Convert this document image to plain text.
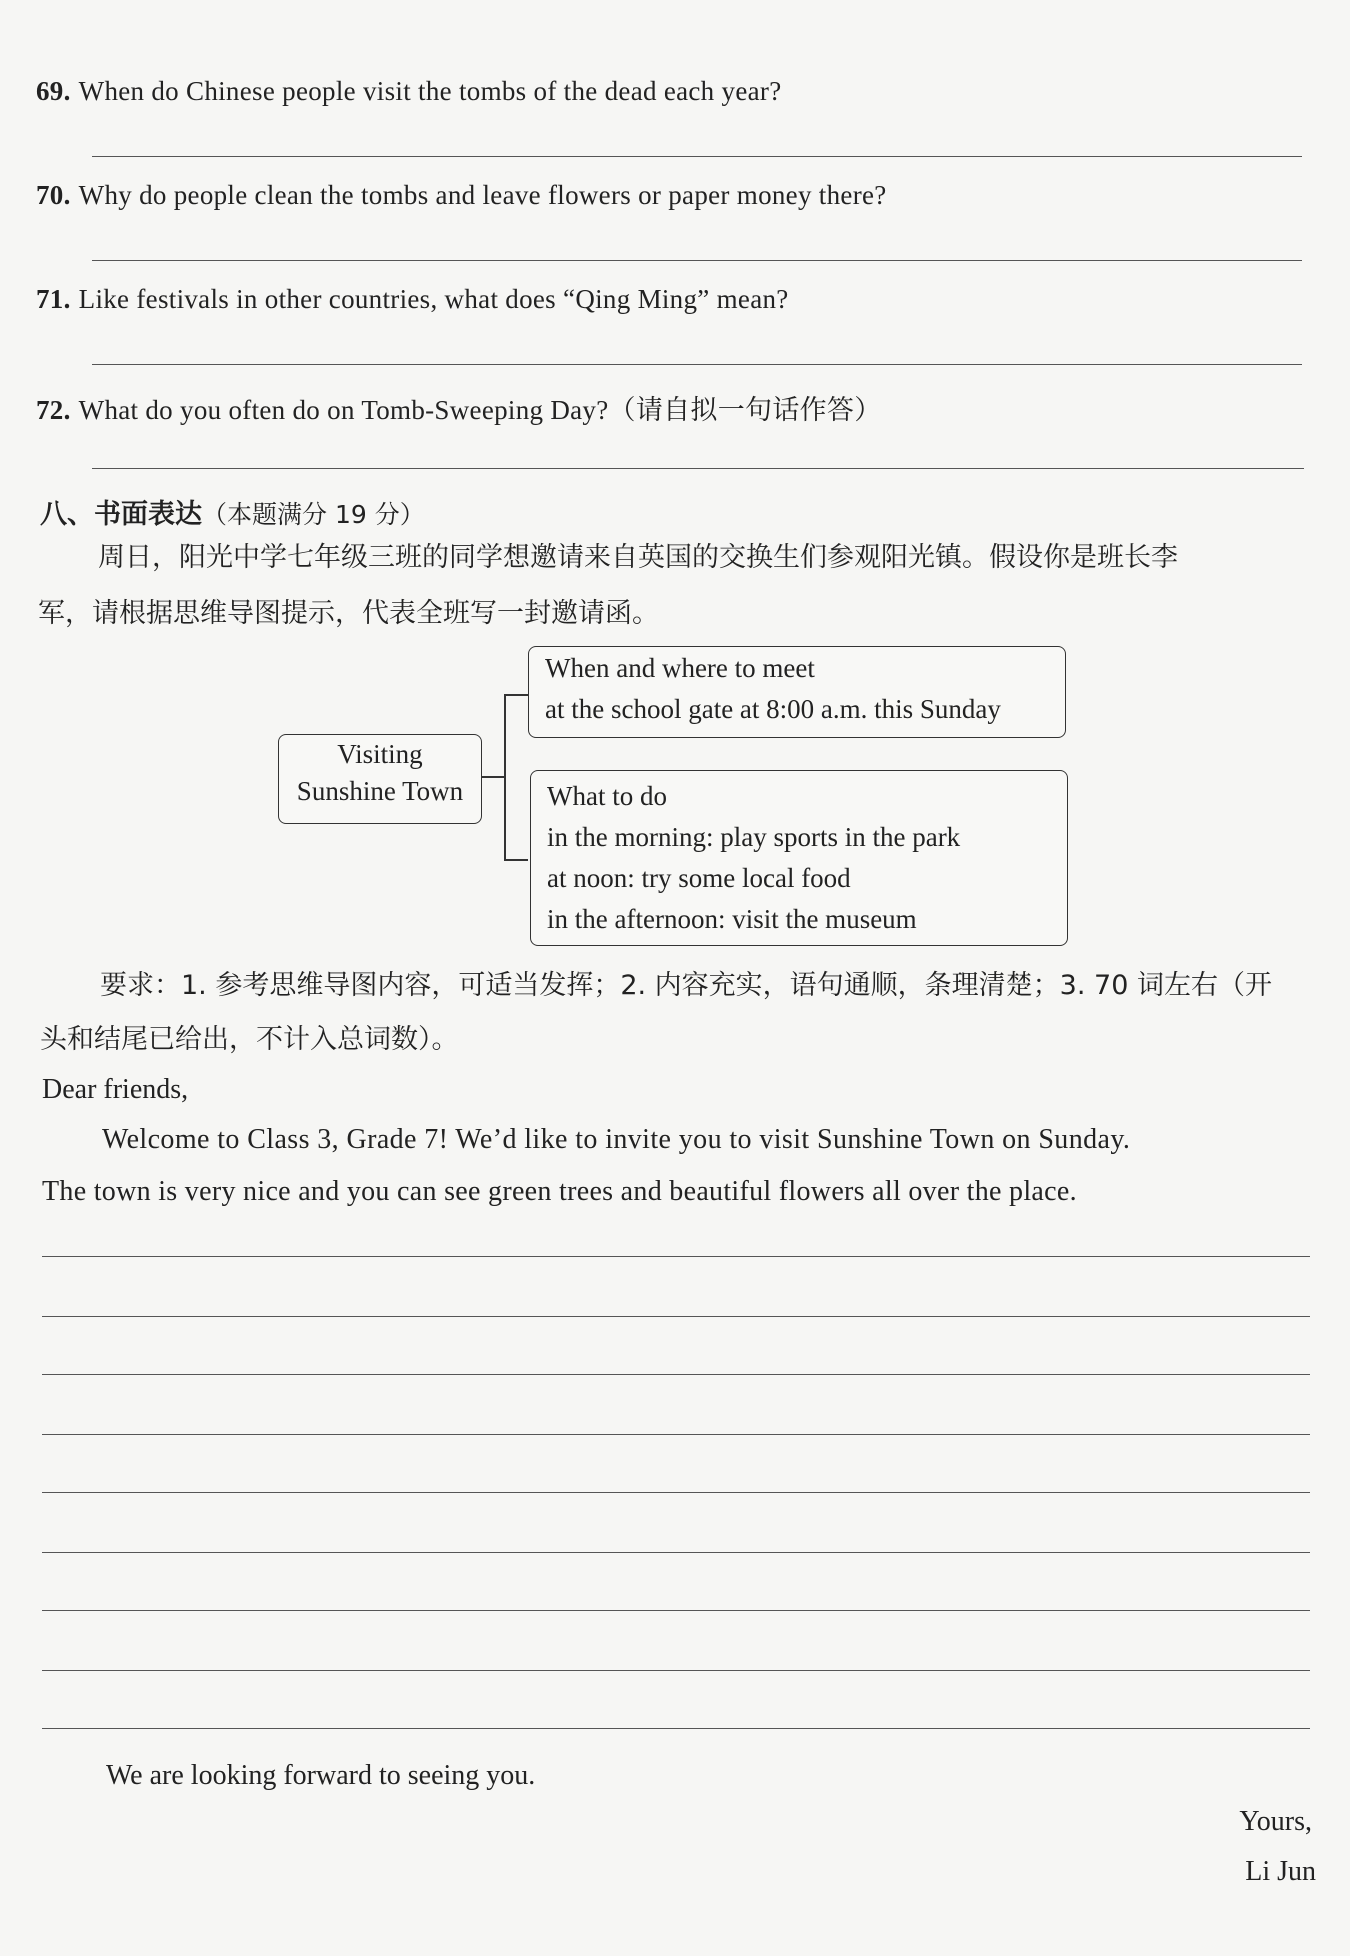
69. When do Chinese people visit the tombs of the dead each year?
70. Why do people clean the tombs and leave flowers or paper money there?
71. Like festivals in other countries, what does “Qing Ming” mean?
72. What do you often do on Tomb-Sweeping Day?（请自拟一句话作答）
八、书面表达（本题满分 19 分）
周日，阳光中学七年级三班的同学想邀请来自英国的交换生们参观阳光镇。假设你是班长李
军，请根据思维导图提示，代表全班写一封邀请函。
Visiting
Sunshine Town
When and where to meet
at the school gate at 8:00 a.m. this Sunday
What to do
in the morning: play sports in the park
at noon: try some local food
in the afternoon: visit the museum
要求：1. 参考思维导图内容，可适当发挥；2. 内容充实，语句通顺，条理清楚；3. 70 词左右（开
头和结尾已给出，不计入总词数）。
Dear friends,
Welcome to Class 3, Grade 7! We’d like to invite you to visit Sunshine Town on Sunday.
The town is very nice and you can see green trees and beautiful flowers all over the place.
We are looking forward to seeing you.
Yours,
Li Jun
